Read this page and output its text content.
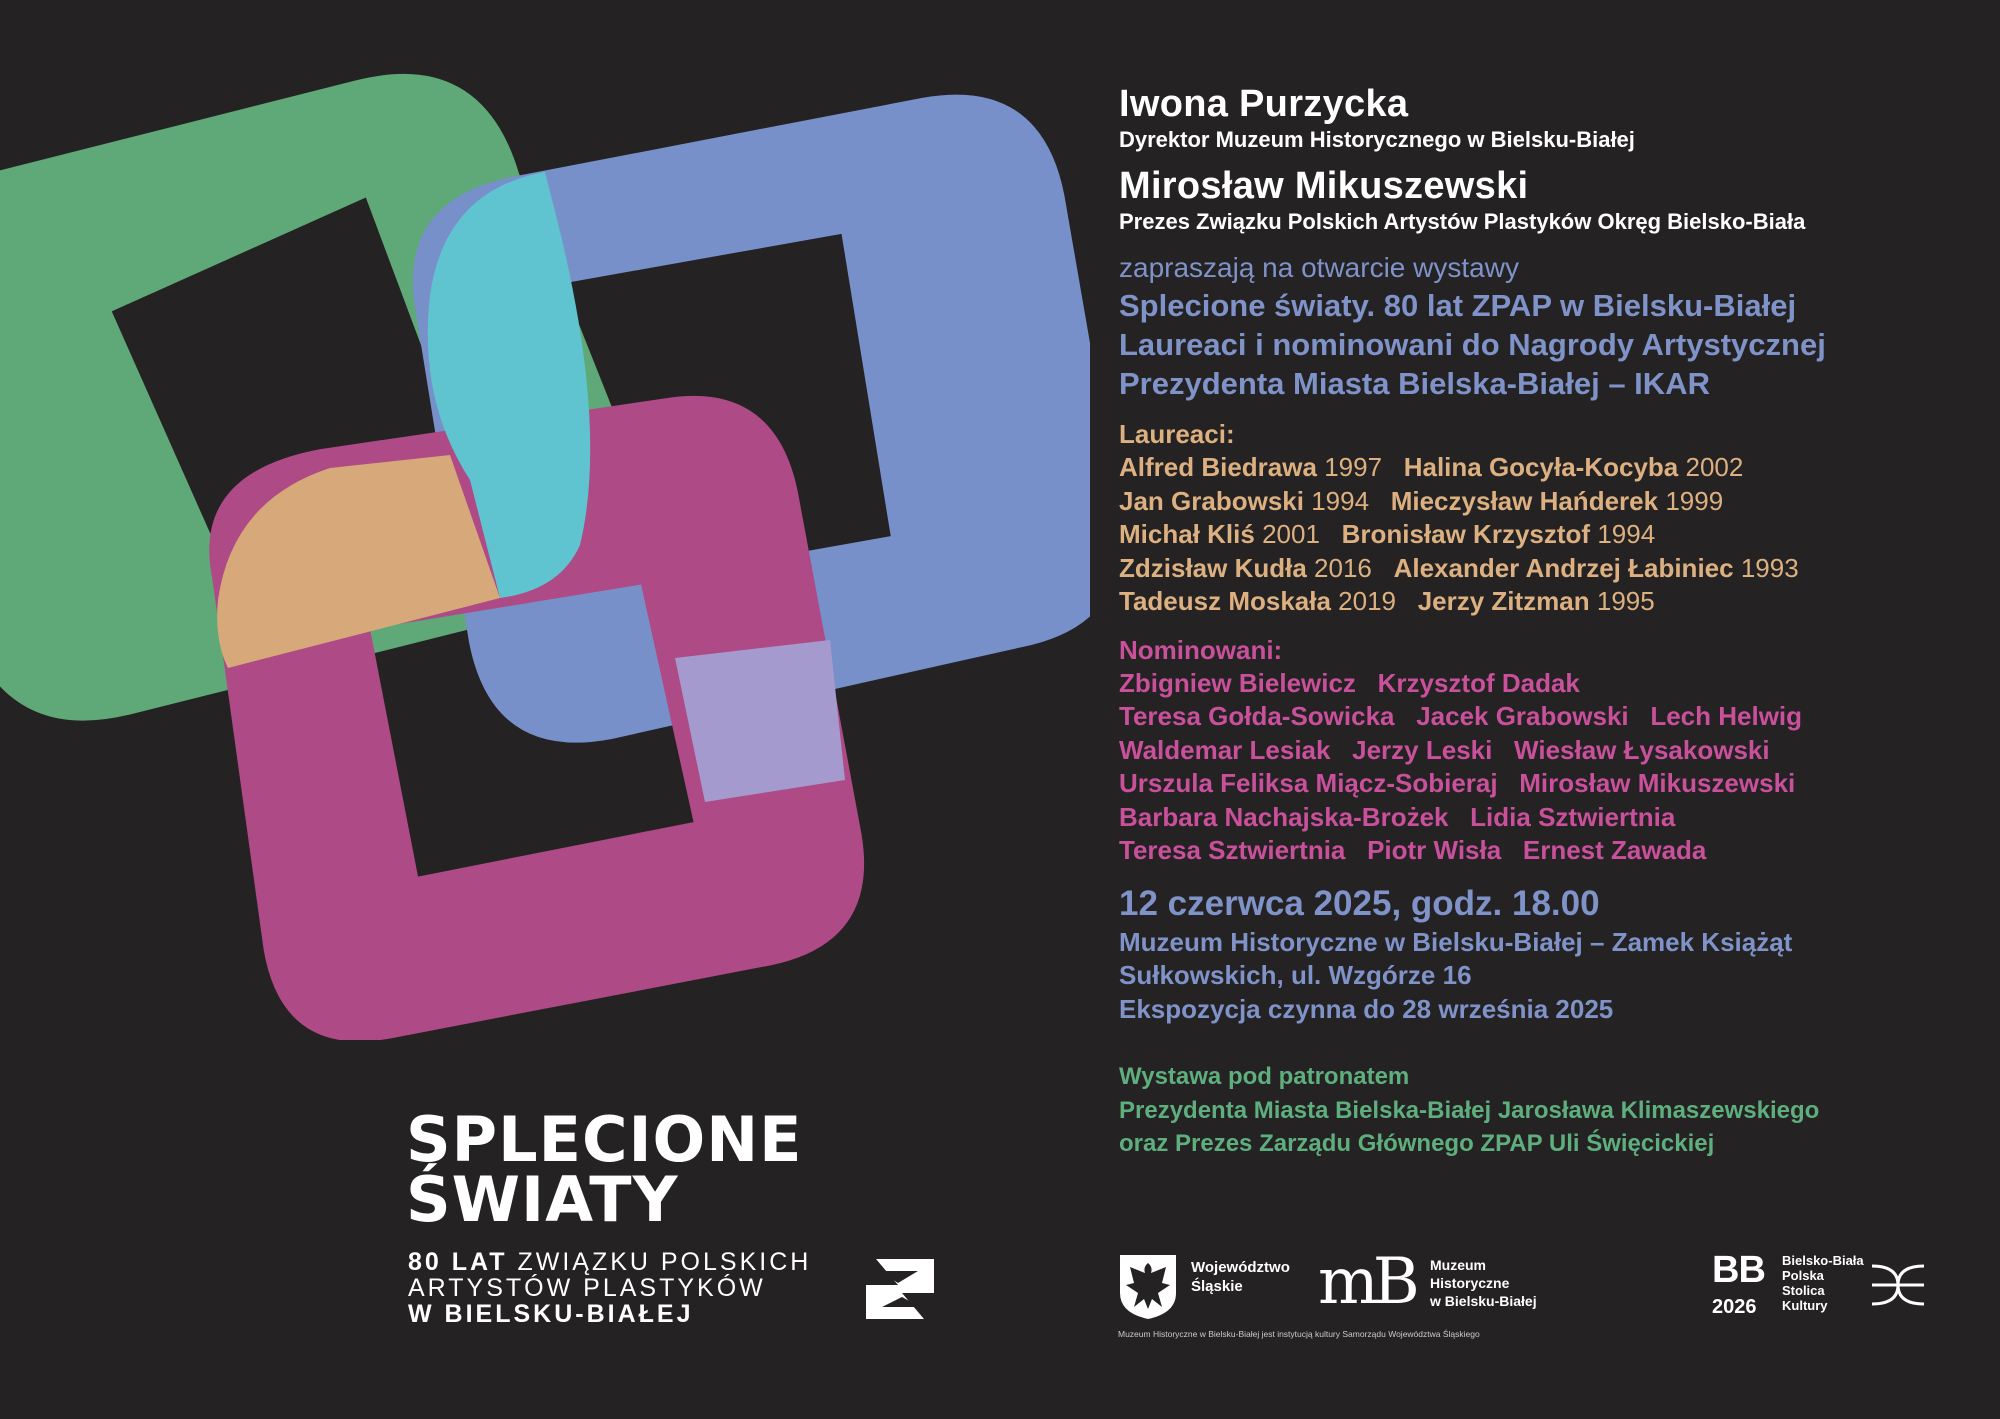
Iwona Purzycka
Dyrektor Muzeum Historycznego w Bielsku-Białej
Mirosław Mikuszewski
Prezes Związku Polskich Artystów Plastyków Okręg Bielsko-Biała
zapraszają na otwarcie wystawy
Splecione światy. 80 lat ZPAP w Bielsku-Białej
Laureaci i nominowani do Nagrody Artystycznej
Prezydenta Miasta Bielska-Białej – IKAR
Laureaci:
Alfred Biedrawa 1997 Halina Gocyła-Kocyba 2002
Jan Grabowski 1994 Mieczysław Hańderek 1999
Michał Kliś 2001 Bronisław Krzysztof 1994
Zdzisław Kudła 2016 Alexander Andrzej Łabiniec 1993
Tadeusz Moskała 2019 Jerzy Zitzman 1995
Nominowani:
Zbigniew Bielewicz Krzysztof Dadak
Teresa Gołda-Sowicka Jacek Grabowski Lech Helwig
Waldemar Lesiak Jerzy Leski Wiesław Łysakowski
Urszula Feliksa Miącz-Sobieraj Mirosław Mikuszewski
Barbara Nachajska-Brożek Lidia Sztwiertnia
Teresa Sztwiertnia Piotr Wisła Ernest Zawada
12 czerwca 2025, godz. 18.00
Muzeum Historyczne w Bielsku-Białej – Zamek Książąt
Sułkowskich, ul. Wzgórze 16
Ekspozycja czynna do 28 września 2025
Wystawa pod patronatem
Prezydenta Miasta Bielska-Białej Jarosława Klimaszewskiego
oraz Prezes Zarządu Głównego ZPAP Uli Święcickiej
SPLECIONE
ŚWIATY
80 LAT ZWIĄZKU POLSKICH
ARTYSTÓW PLASTYKÓW
W BIELSKU-BIAŁEJ
Województwo
Śląskie	mB Muzeum
Historyczne
w Bielsku-Białej
Muzeum Historyczne w Bielsku-Białej jest instytucją kultury Samorządu Województwa Śląskiego
BB
2026
Bielsko-Biała
Polska
Stolica
Kultury
